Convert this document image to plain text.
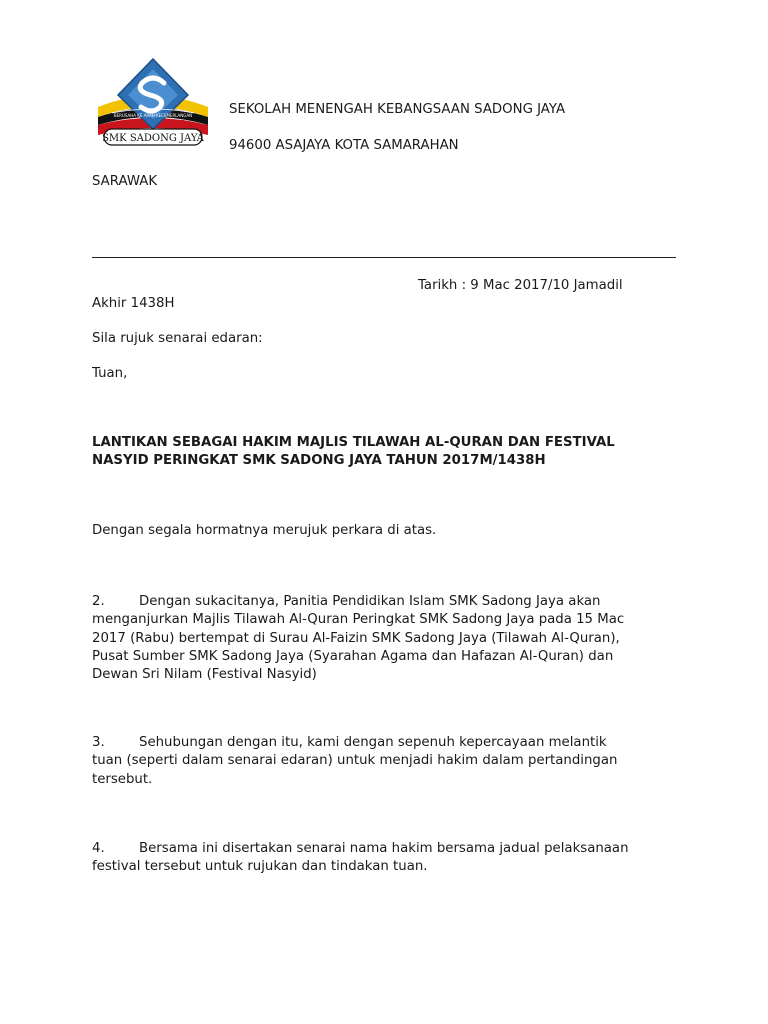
BERUSAHA KE ARAH KECEMERLANGAN
SMK SADONG JAYA
SEKOLAH MENENGAH KEBANGSAAN SADONG JAYA
94600 ASAJAYA KOTA SAMARAHAN
SARAWAK
Tarikh : 9 Mac 2017/10 Jamadil
Akhir 1438H
Sila rujuk senarai edaran:
Tuan,
LANTIKAN SEBAGAI HAKIM MAJLIS TILAWAH AL-QURAN DAN FESTIVAL
NASYID PERINGKAT SMK SADONG JAYA TAHUN 2017M/1438H
Dengan segala hormatnya merujuk perkara di atas.
2.	Dengan sukacitanya, Panitia Pendidikan Islam SMK Sadong Jaya akan
menganjurkan Majlis Tilawah Al-Quran Peringkat SMK Sadong Jaya pada 15 Mac
2017 (Rabu) bertempat di Surau Al-Faizin SMK Sadong Jaya (Tilawah Al-Quran),
Pusat Sumber SMK Sadong Jaya (Syarahan Agama dan Hafazan Al-Quran) dan
Dewan Sri Nilam (Festival Nasyid)
3.	Sehubungan dengan itu, kami dengan sepenuh kepercayaan melantik
tuan (seperti dalam senarai edaran) untuk menjadi hakim dalam pertandingan
tersebut.
4.	Bersama ini disertakan senarai nama hakim bersama jadual pelaksanaan
festival tersebut untuk rujukan dan tindakan tuan.
